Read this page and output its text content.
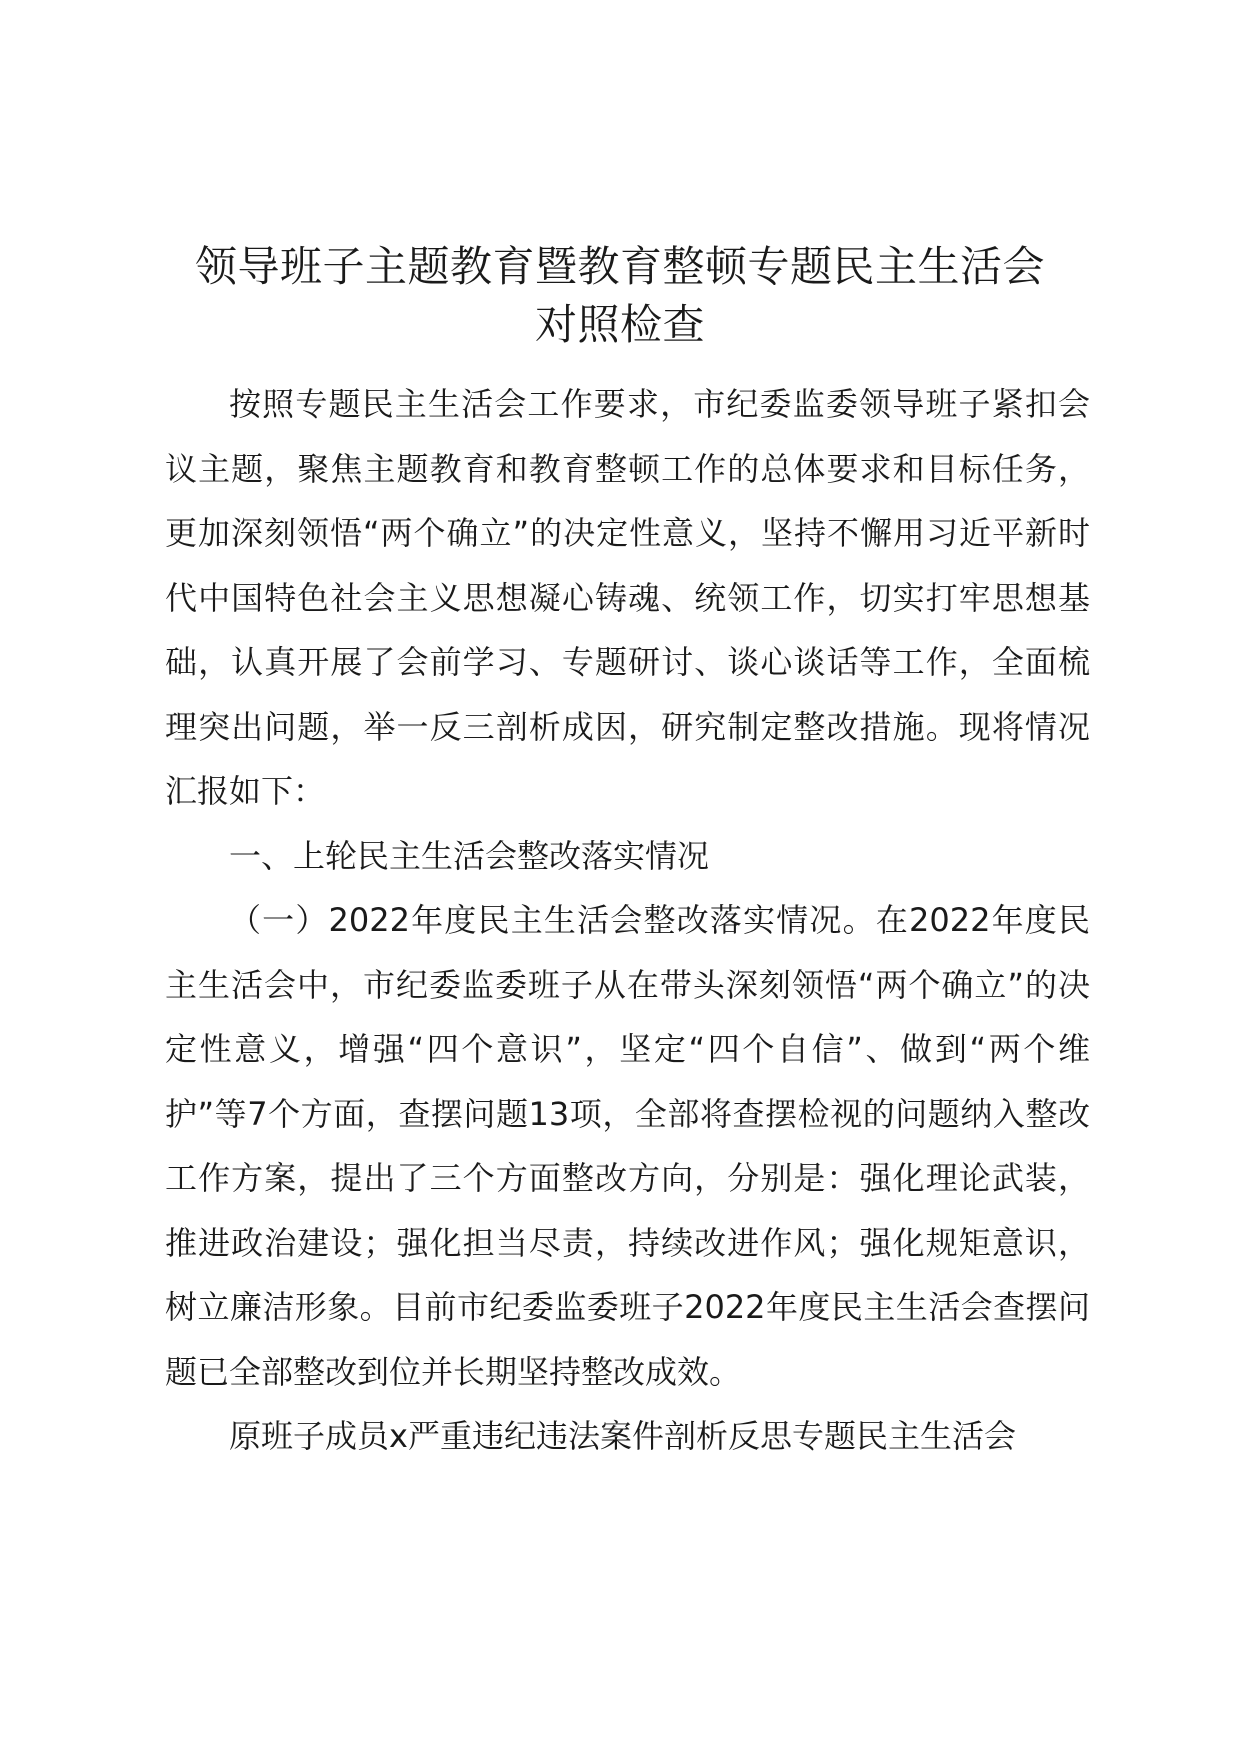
领导班子主题教育暨教育整顿专题民主生活会
对照检查

按照专题民主生活会工作要求，市纪委监委领导班子紧扣会议主题，聚焦主题教育和教育整顿工作的总体要求和目标任务，更加深刻领悟“两个确立”的决定性意义，坚持不懈用习近平新时代中国特色社会主义思想凝心铸魂、统领工作，切实打牢思想基础，认真开展了会前学习、专题研讨、谈心谈话等工作，全面梳理突出问题，举一反三剖析成因，研究制定整改措施。现将情况汇报如下：

一、上轮民主生活会整改落实情况

（一）2022年度民主生活会整改落实情况。在2022年度民主生活会中，市纪委监委班子从在带头深刻领悟“两个确立”的决定性意义，增强“四个意识”，坚定“四个自信”、做到“两个维护”等7个方面，查摆问题13项，全部将查摆检视的问题纳入整改工作方案，提出了三个方面整改方向，分别是：强化理论武装，推进政治建设；强化担当尽责，持续改进作风；强化规矩意识，树立廉洁形象。目前市纪委监委班子2022年度民主生活会查摆问题已全部整改到位并长期坚持整改成效。

原班子成员x严重违纪违法案件剖析反思专题民主生活会
